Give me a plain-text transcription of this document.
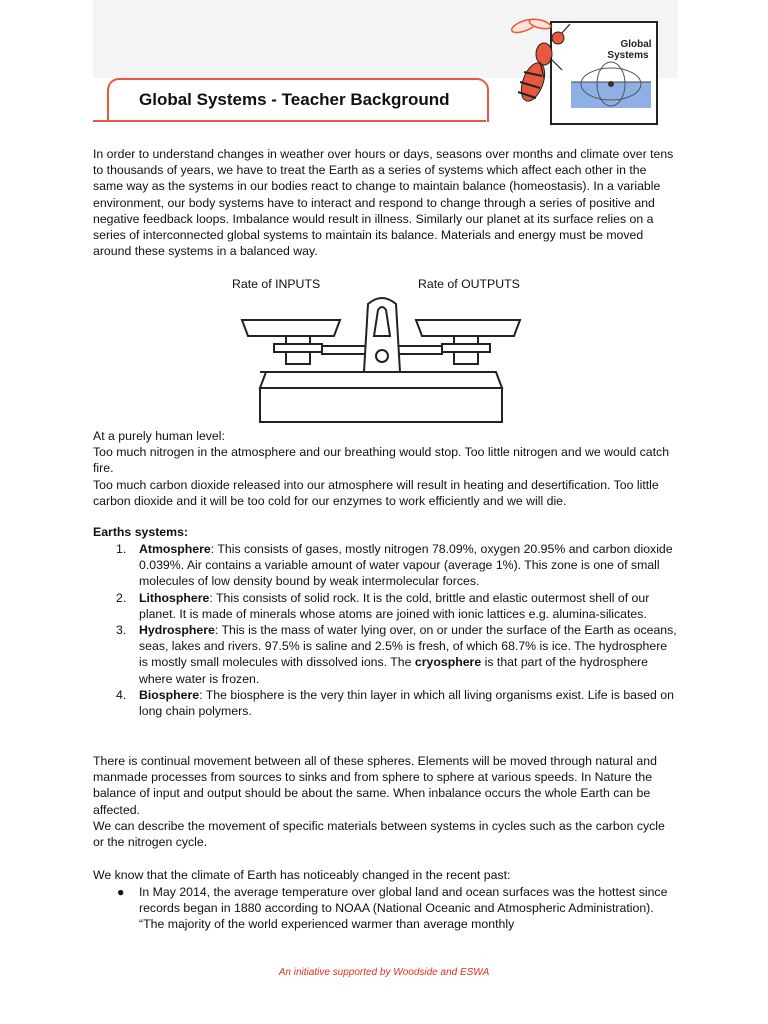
Global Systems - Teacher Background
Global
Systems
In order to understand changes in weather over hours or days, seasons over months and climate over tens to thousands of years, we have to treat the Earth as a series of systems which affect each other in the same way as the systems in our bodies react to change to maintain balance (homeostasis). In a variable environment, our body systems have to interact and respond to change through a series of positive and negative feedback loops. Imbalance would result in illness. Similarly our planet at its surface relies on a series of interconnected global systems to maintain its balance. Materials and energy must be moved around these systems in a balanced way.
Rate of INPUTS	Rate of OUTPUTS
At a purely human level:
Too much nitrogen in the atmosphere and our breathing would stop. Too little nitrogen and we would catch fire.
Too much carbon dioxide released into our atmosphere will result in heating and desertification. Too little carbon dioxide and it will be too cold for our enzymes to work efficiently and we will die.
Earths systems:
1. Atmosphere: This consists of gases, mostly nitrogen 78.09%, oxygen 20.95% and carbon dioxide 0.039%. Air contains a variable amount of water vapour (average 1%). This zone is one of small molecules of low density bound by weak intermolecular forces.
2. Lithosphere: This consists of solid rock. It is the cold, brittle and elastic outermost shell of our planet. It is made of minerals whose atoms are joined with ionic lattices e.g. alumina-silicates.
3. Hydrosphere: This is the mass of water lying over, on or under the surface of the Earth as oceans, seas, lakes and rivers. 97.5% is saline and 2.5% is fresh, of which 68.7% is ice. The hydrosphere is mostly small molecules with dissolved ions. The cryosphere is that part of the hydrosphere where water is frozen.
4. Biosphere: The biosphere is the very thin layer in which all living organisms exist. Life is based on long chain polymers.
There is continual movement between all of these spheres. Elements will be moved through natural and manmade processes from sources to sinks and from sphere to sphere at various speeds. In Nature the balance of input and output should be about the same. When inbalance occurs the whole Earth can be affected.
We can describe the movement of specific materials between systems in cycles such as the carbon cycle or the nitrogen cycle.
We know that the climate of Earth has noticeably changed in the recent past:
● In May 2014, the average temperature over global land and ocean surfaces was the hottest since records began in 1880 according to NOAA (National Oceanic and Atmospheric Administration). “The majority of the world experienced warmer than average monthly
An initiative supported by Woodside and ESWA
